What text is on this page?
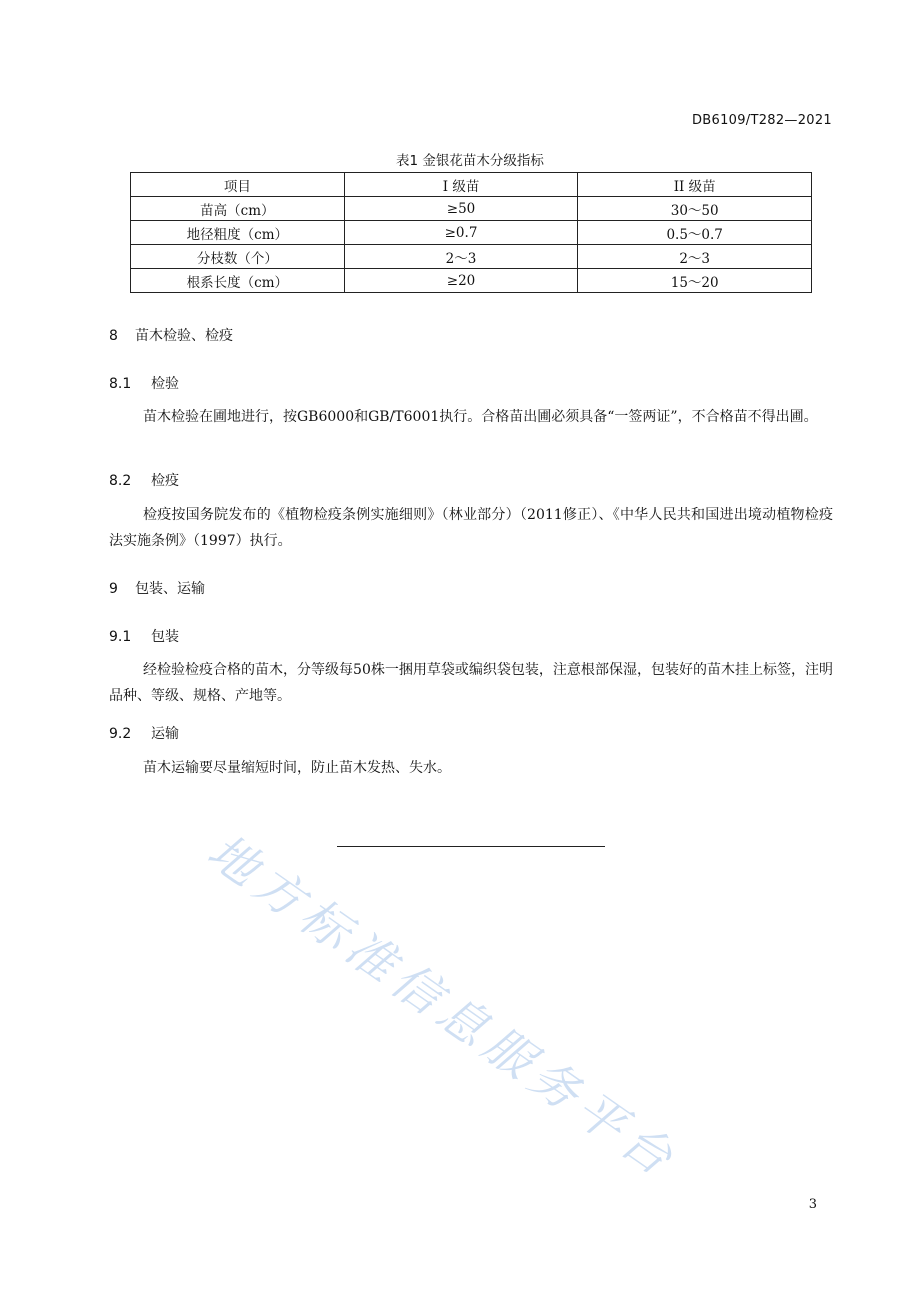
DB6109/T282—2021
表1 金银花苗木分级指标
项目	I 级苗	II 级苗
苗高（cm）	≥50	30～50
地径粗度（cm）	≥0.7	0.5～0.7
分枝数（个）	2～3	2～3
根系长度（cm）	≥20	15～20
8 苗木检验、检疫
8.1 检验
苗木检验在圃地进行，按GB6000和GB/T6001执行。合格苗出圃必须具备“一签两证”，不合格苗不得出圃。
8.2 检疫
检疫按国务院发布的《植物检疫条例实施细则》（林业部分）（2011修正）、《中华人民共和国进出境动植物检疫法实施条例》（1997）执行。
9 包装、运输
9.1 包装
经检验检疫合格的苗木，分等级每50株一捆用草袋或编织袋包装，注意根部保湿，包装好的苗木挂上标签，注明品种、等级、规格、产地等。
9.2 运输
苗木运输要尽量缩短时间，防止苗木发热、失水。
地方标准信息服务平台
3
